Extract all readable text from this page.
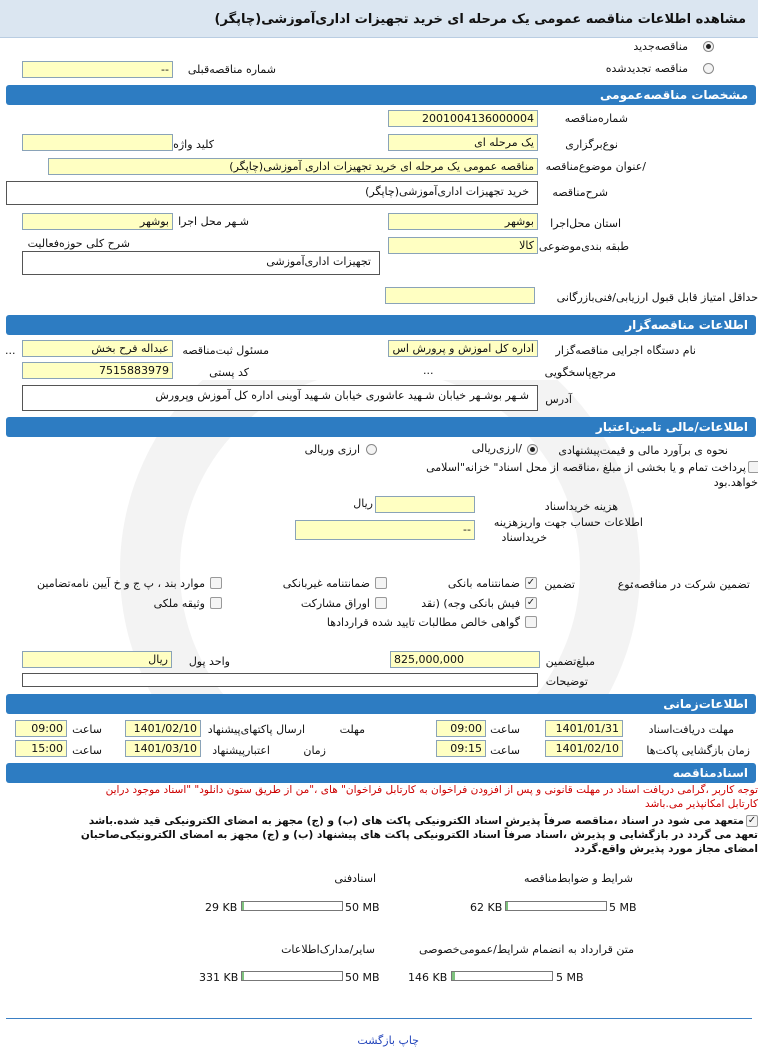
مشاهده اطلاعات مناقصه عمومی یک مرحله ای خرید تجهیزات اداری‌آموزشی(چاپگر)
مناقصه‌جدید
مناقصه تجدیدشده
شماره مناقصه‌قبلی
--
مشخصات مناقصه‌عمومی
شماره‌مناقصه
2001004136000004
نوع‌برگزاری
یک مرحله ای
کلید واژه
/عنوان موضوع‌مناقصه
مناقصه عمومی یک مرحله ای خرید تجهیزات اداری آموزشی(چاپگر)
شرح‌مناقصه
خرید تجهیزات اداری‌آموزشی(چاپگر)
استان محل‌اجرا
بوشهر
شـهر محل اجرا
بوشهر
طبقه بندی‌موضوعی
کالا
شرح کلی حوزه‌فعالیت
تجهیزات اداری‌آموزشی
حداقل امتیاز قابل قبول ارزیابی/فنی‌بازرگانی
اطلاعات مناقصه‌گزار
نام دستگاه اجرایی مناقصه‌گزار
اداره کل اموزش و پرورش اس
مسئول ثبت‌مناقصه
عبداله فرح بخش
...
مرجع‌پاسخگویی
...
کد پستی
7515883979
آدرس
شـهر بوشـهر خیابان شـهید عاشوری خیابان شـهید آوینی اداره کل آموزش وپرورش
اطلاعات/مالی تامین‌اعتبار
نحوه ی برآورد مالی و قیمت‌پیشنهادی
/ارزی‌ریالی
ارزی وریالی
پرداخت تمام و یا بخشی از مبلغ ،مناقصه از محل اسناد" خزانه"اسلامی
خواهد.بود
هزینه خریداسناد
ریال
اطلاعات حساب جهت واریزهزینه
خریداسناد
--
تضمین شرکت در مناقصه:
نوع
تضمین
✓
ضمانتنامه بانکی
ضمانتنامه غیربانکی
موارد بند ، پ ج و خ آیین نامه‌تضامین
✓
فیش بانکی وجه) (نقد
اوراق مشارکت
وثیقه ملکی
گواهی خالص مطالبات تایید شده قراردادها
مبلغ‌تضمین
825,000,000
واحد پول
ریال
توضیحات
اطلاعات‌زمانی
مهلت دریافت‌اسناد
1401/01/31
ساعت
09:00
مهلت
ارسال پاکتهای‌پیشنهاد
1401/02/10
ساعت
09:00
زمان بازگشایی پاکت‌ها
1401/02/10
ساعت
09:15
زمان
اعتبارپیشنهاد
1401/03/10
ساعت
15:00
اسنادمناقصه
توجه کاربر ،گرامی دریافت اسناد در مهلت قانونی و پس از افزودن فراخوان به کارتابل فراخوان" های ،"من از طریق ستون دانلود" "اسناد موجود دراین
کارتابل امکانپذیر می.باشد
✓
متعهد می شود در اسناد ،مناقصه صرفاً پذیرش اسناد الکترونیکی پاکت های (ب) و (ج) مجهز به امضای الکترونیکی قید شده.باشد
تعهد می گردد در بازگشایی و پذیرش ،اسناد صرفاً اسناد الکترونیکی پاکت های پیشنهاد (ب) و (ج) مجهز به امضای الکترونیکی‌صاحبان
امضای مجاز مورد پذیرش واقع.گردد
شرایط و ضوابط‌مناقصه
62 KB	5 MB
اسنادفنی
29 KB	50 MB
متن قرارداد به انضمام شرایط/عمومی‌خصوصی
146 KB	5 MB
سایر/مدارک‌اطلاعات
331 KB	50 MB
چاپ بازگشت
